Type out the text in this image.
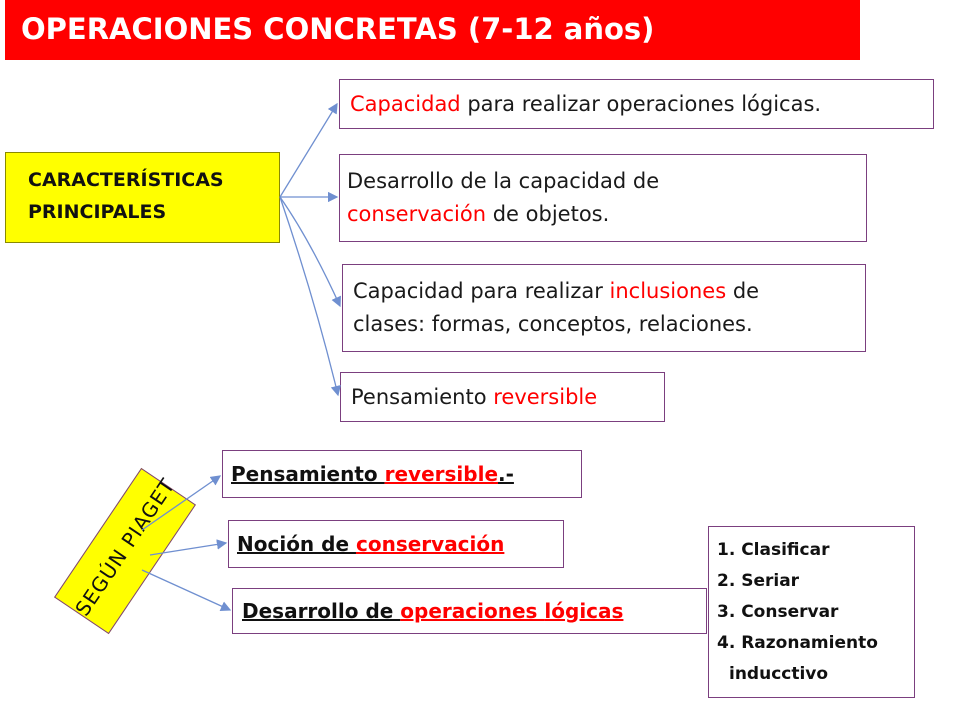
OPERACIONES CONCRETAS (7-12 años)
CARACTERÍSTICAS
PRINCIPALES
Capacidad para realizar operaciones lógicas.
Desarrollo de la capacidad de
conservación de objetos.
Capacidad para realizar inclusiones de
clases: formas, conceptos, relaciones.
Pensamiento reversible
SEGÚN PIAGET	Pensamiento reversible.-
Noción de conservación
Desarrollo de operaciones lógicas
1. Clasificar
2. Seriar
3. Conservar
4. Razonamiento
inducctivo
